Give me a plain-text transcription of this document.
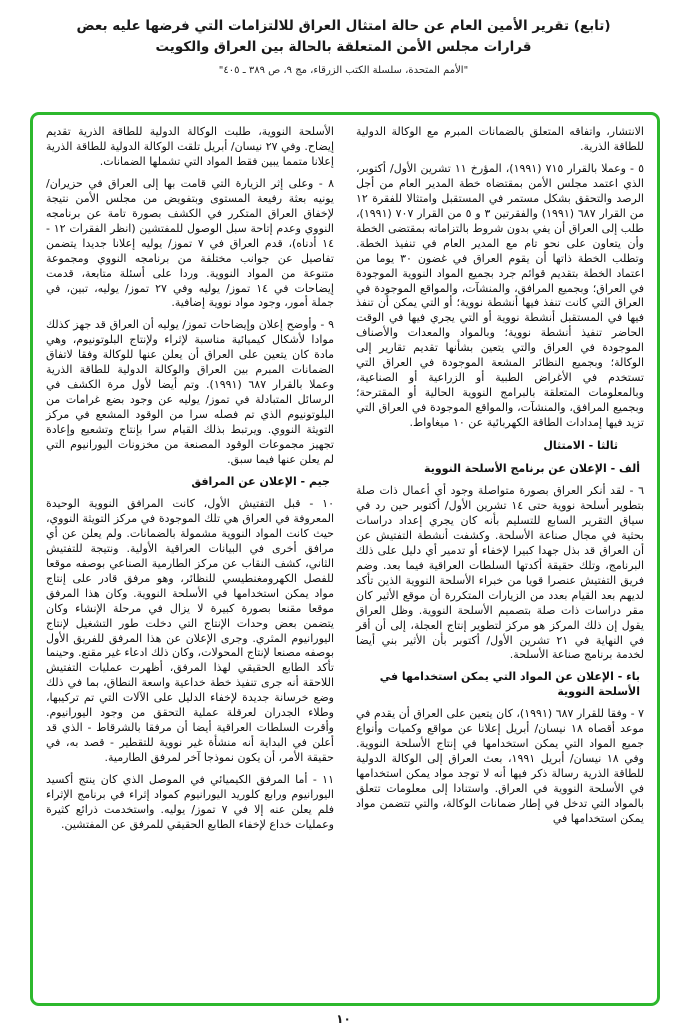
(تابع) تقرير الأمين العام عن حالة امتثال العراق للالتزامات التي فرضها عليه بعض
قرارات مجلس الأمن المتعلقة بالحالة بين العراق والكويت
"الأمم المتحدة، سلسلة الكتب الزرقاء، مج ٩، ص ٣٨٩ ـ ٤٠٥"

الانتشار، واتفاقه المتعلق بالضمانات المبرم مع الوكالة الدولية للطاقة الذرية.

٥ - وعملا بالقرار ٧١٥ (١٩٩١)، المؤرخ ١١ تشرين الأول/ أكتوبر، الذي اعتمد مجلس الأمن بمقتضاه خطة المدير العام من أجل الرصد والتحقق بشكل مستمر في المستقبل وامتثالا للفقرة ١٢ من القرار ٦٨٧ (١٩٩١) والفقرتين ٣ و ٥ من القرار ٧٠٧ (١٩٩١)، طلب إلى العراق أن يفي بدون شروط بالتزاماته بمقتضى الخطة وأن يتعاون على نحو تام مع المدير العام في تنفيذ الخطة. وتطلب الخطة ذاتها أن يقوم العراق في غضون ٣٠ يوما من اعتماد الخطة بتقديم قوائم جرد بجميع المواد النووية الموجودة في العراق؛ وبجميع المرافق، والمنشآت، والمواقع الموجودة في العراق التي كانت تنفذ فيها أنشطة نووية؛ أو التي يمكن أن تنفذ فيها في المستقبل أنشطة نووية أو التي يجري فيها في الوقت الحاضر تنفيذ أنشطة نووية؛ وبالمواد والمعدات والأصناف الموجودة في العراق والتي يتعين بشأنها تقديم تقارير إلى الوكالة؛ وبجميع النظائر المشعة الموجودة في العراق التي تستخدم في الأغراض الطبية أو الزراعية أو الصناعية، وبالمعلومات المتعلقة بالبرامج النووية الحالية أو المقترحة؛ وبجميع المرافق، والمنشآت، والمواقع الموجودة في العراق التي تزيد فيها إمدادات الطاقة الكهربائية عن ١٠ ميغاواط.

ثالثا - الامتثال

ألف - الإعلان عن برنامج الأسلحة النووية

٦ - لقد أنكر العراق بصورة متواصلة وجود أي أعمال ذات صلة بتطوير أسلحة نووية حتى ١٤ تشرين الأول/ أكتوبر حين رد في سياق التقرير السابع للتسليم بأنه كان يجري إعداد دراسات بحثية في مجال صناعة الأسلحة. وكشفت أنشطة التفتيش عن أن العراق قد بذل جهدا كبيرا لإخفاء أو تدمير أي دليل على ذلك البرنامج، وتلك حقيقة أكدتها السلطات العراقية فيما بعد. وضم فريق التفتيش عنصرا قويا من خبراء الأسلحة النووية الذين تأكد لديهم بعد القيام بعدد من الزيارات المتكررة أن موقع الأثير كان مقر دراسات ذات صلة بتصميم الأسلحة النووية. وظل العراق يقول إن ذلك المركز هو مركز لتطوير إنتاج العجلة، إلى أن أقر في النهاية في ٢١ تشرين الأول/ أكتوبر بأن الأثير بني أيضا لخدمة برنامج صناعة الأسلحة.

باء - الإعلان عن المواد التي يمكن استخدامها في الأسلحة النووية

٧ - وفقا للقرار ٦٨٧ (١٩٩١)، كان يتعين على العراق أن يقدم في موعد أقصاه ١٨ نيسان/ أبريل إعلانا عن مواقع وكميات وأنواع جميع المواد التي يمكن استخدامها في إنتاج الأسلحة النووية. وفي ١٨ نيسان/ أبريل ١٩٩١، بعث العراق إلى الوكالة الدولية للطاقة الذرية رسالة ذكر فيها أنه لا توجد مواد يمكن استخدامها في الأسلحة النووية في العراق. واستنادا إلى معلومات تتعلق بالمواد التي تدخل في إطار ضمانات الوكالة، والتي تتضمن مواد يمكن استخدامها في

الأسلحة النووية، طلبت الوكالة الدولية للطاقة الذرية تقديم إيضاح. وفي ٢٧ نيسان/ أبريل تلقت الوكالة الدولية للطاقة الذرية إعلانا متمما يبين فقط المواد التي تشملها الضمانات.

٨ - وعلى إثر الزيارة التي قامت بها إلى العراق في حزيران/ يونيه بعثة رفيعة المستوى وبتفويض من مجلس الأمن نتيجة لإخفاق العراق المتكرر في الكشف بصورة تامة عن برنامجه النووي وعدم إتاحة سبل الوصول للمفتشين (انظر الفقرات ١٢ - ١٤ أدناه)، قدم العراق في ٧ تموز/ يوليه إعلانا جديدا يتضمن تفاصيل عن جوانب مختلفة من برنامجه النووي ومجموعة متنوعة من المواد النووية. وردا على أسئلة متابعة، قدمت إيضاحات في ١٤ تموز/ يوليه وفي ٢٧ تموز/ يوليه، تبين، في جملة أمور، وجود مواد نووية إضافية.

٩ - وأوضح إعلان وإيضاحات تموز/ يوليه أن العراق قد جهز كذلك موادا لأشكال كيميائية مناسبة لإثراء ولإنتاج البلوتونيوم، وهي مادة كان يتعين على العراق أن يعلن عنها للوكالة وفقا لاتفاق الضمانات المبرم بين العراق والوكالة الدولية للطاقة الذرية وعملا بالقرار ٦٨٧ (١٩٩١). وتم أيضا لأول مرة الكشف في الرسائل المتبادلة في تموز/ يوليه عن وجود بضع غرامات من البلوتونيوم الذي تم فصله سرا من الوقود المشعع في مركز التويثة النووي. ويرتبط بذلك القيام سرا بإنتاج وتشعيع وإعادة تجهيز مجموعات الوقود المصنعة من مخزونات اليورانيوم التي لم يعلن عنها فيما سبق.

جيم - الإعلان عن المرافق

١٠ - قبل التفتيش الأول، كانت المرافق النووية الوحيدة المعروفة في العراق هي تلك الموجودة في مركز التويثة النووي، حيث كانت المواد النووية مشمولة بالضمانات. ولم يعلن عن أي مرافق أخرى في البيانات العراقية الأولية. ونتيجة للتفتيش الثاني، كشف النقاب عن مركز الطارمية الصناعي بوصفه موقعا للفصل الكهرومغنطيسي للنظائر، وهو مرفق قادر على إنتاج مواد يمكن استخدامها في الأسلحة النووية. وكان هذا المرفق موقعا مقنعا بصورة كبيرة لا يزال في مرحلة الإنشاء وكان يتضمن بعض وحدات الإنتاج التي دخلت طور التشغيل لإنتاج اليورانيوم المثري. وجرى الإعلان عن هذا المرفق للفريق الأول بوصفه مصنعا لإنتاج المحولات، وكان ذلك ادعاء غير مقنع. وحينما تأكد الطابع الحقيقي لهذا المرفق، أظهرت عمليات التفتيش اللاحقة أنه جرى تنفيذ خطة خداعية واسعة النطاق، بما في ذلك وضع خرسانة جديدة لإخفاء الدليل على الآلات التي تم تركيبها، وطلاء الجدران لعرقلة عملية التحقق من وجود اليورانيوم. وأقرت السلطات العراقية أيضا أن مرفقا بالشرقاط - الذي قد أعلن في البداية أنه منشأة غير نووية للتقطير - قصد به، في حقيقة الأمر، أن يكون نموذجا آخر لمرفق الطارمية.

١١ - أما المرفق الكيميائي في الموصل الذي كان ينتج أكسيد اليورانيوم ورابع كلوريد اليورانيوم كمواد إثراء في برنامج الإثراء فلم يعلن عنه إلا في ٧ تموز/ يوليه. واستخدمت ذرائع كثيرة وعمليات خداع لإخفاء الطابع الحقيقي للمرفق عن المفتشين.

١٠
